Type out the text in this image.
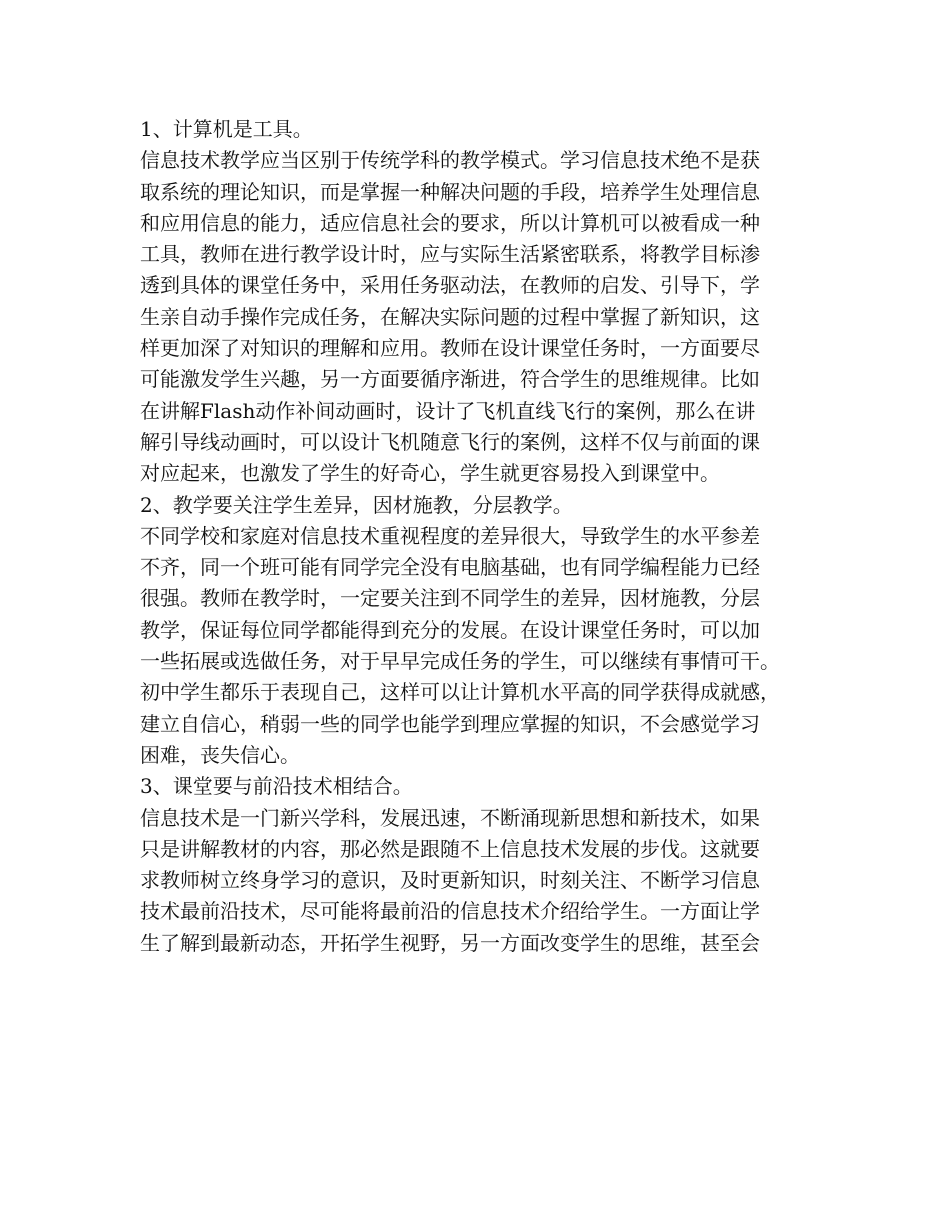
1、计算机是工具。
信息技术教学应当区别于传统学科的教学模式。学习信息技术绝不是获
取系统的理论知识，而是掌握一种解决问题的手段，培养学生处理信息
和应用信息的能力，适应信息社会的要求，所以计算机可以被看成一种
工具，教师在进行教学设计时，应与实际生活紧密联系，将教学目标渗
透到具体的课堂任务中，采用任务驱动法，在教师的启发、引导下，学
生亲自动手操作完成任务，在解决实际问题的过程中掌握了新知识，这
样更加深了对知识的理解和应用。教师在设计课堂任务时，一方面要尽
可能激发学生兴趣，另一方面要循序渐进，符合学生的思维规律。比如
在讲解Flash动作补间动画时，设计了飞机直线飞行的案例，那么在讲
解引导线动画时，可以设计飞机随意飞行的案例，这样不仅与前面的课
对应起来，也激发了学生的好奇心，学生就更容易投入到课堂中。
2、教学要关注学生差异，因材施教，分层教学。
不同学校和家庭对信息技术重视程度的差异很大，导致学生的水平参差
不齐，同一个班可能有同学完全没有电脑基础，也有同学编程能力已经
很强。教师在教学时，一定要关注到不同学生的差异，因材施教，分层
教学，保证每位同学都能得到充分的发展。在设计课堂任务时，可以加
一些拓展或选做任务，对于早早完成任务的学生，可以继续有事情可干。
初中学生都乐于表现自己，这样可以让计算机水平高的同学获得成就感，
建立自信心，稍弱一些的同学也能学到理应掌握的知识，不会感觉学习
困难，丧失信心。
3、课堂要与前沿技术相结合。
信息技术是一门新兴学科，发展迅速，不断涌现新思想和新技术，如果
只是讲解教材的内容，那必然是跟随不上信息技术发展的步伐。这就要
求教师树立终身学习的意识，及时更新知识，时刻关注、不断学习信息
技术最前沿技术，尽可能将最前沿的信息技术介绍给学生。一方面让学
生了解到最新动态，开拓学生视野，另一方面改变学生的思维，甚至会
